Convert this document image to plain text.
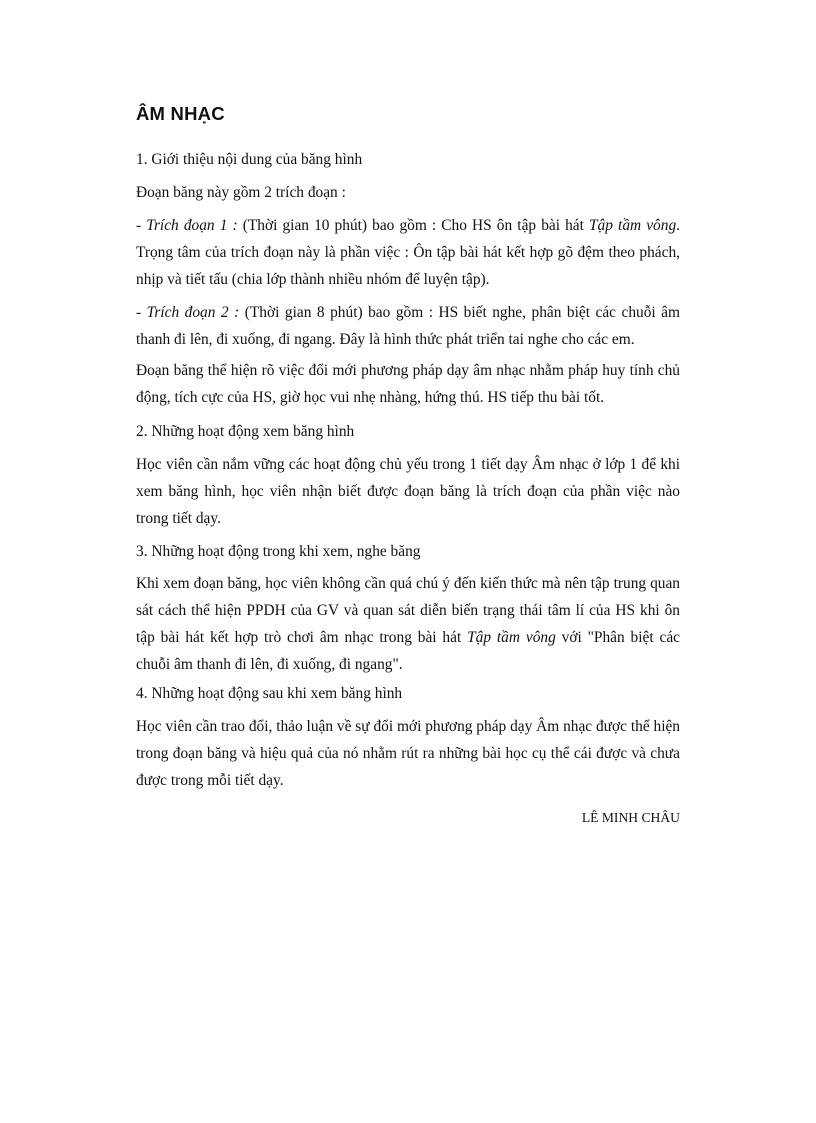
ÂM NHẠC

1. Giới thiệu nội dung của băng hình

Đoạn băng này gồm 2 trích đoạn :

- Trích đoạn 1 : (Thời gian 10 phút) bao gồm : Cho HS ôn tập bài hát Tập tầm vông. Trọng tâm của trích đoạn này là phần việc : Ôn tập bài hát kết hợp gõ đệm theo phách, nhịp và tiết tấu (chia lớp thành nhiều nhóm để luyện tập).

- Trích đoạn 2 : (Thời gian 8 phút) bao gồm : HS biết nghe, phân biệt các chuỗi âm thanh đi lên, đi xuống, đi ngang. Đây là hình thức phát triển tai nghe cho các em.

Đoạn băng thể hiện rõ việc đổi mới phương pháp dạy âm nhạc nhằm pháp huy tính chủ động, tích cực của HS, giờ học vui nhẹ nhàng, hứng thú. HS tiếp thu bài tốt.

2. Những hoạt động xem băng hình

Học viên cần nắm vững các hoạt động chủ yếu trong 1 tiết dạy Âm nhạc ở lớp 1 để khi xem băng hình, học viên nhận biết được đoạn băng là trích đoạn của phần việc nào trong tiết dạy.

3. Những hoạt động trong khi xem, nghe băng

Khi xem đoạn băng, học viên không cần quá chú ý đến kiến thức mà nên tập trung quan sát cách thể hiện PPDH của GV và quan sát diễn biến trạng thái tâm lí của HS khi ôn tập bài hát kết hợp trò chơi âm nhạc trong bài hát Tập tầm vông với "Phân biệt các chuỗi âm thanh đi lên, đi xuống, đi ngang".

4. Những hoạt động sau khi xem băng hình

Học viên cần trao đổi, thảo luận về sự đổi mới phương pháp dạy Âm nhạc được thể hiện trong đoạn băng và hiệu quả của nó nhằm rút ra những bài học cụ thể cái được và chưa được trong mỗi tiết dạy.

LÊ MINH CHÂU
